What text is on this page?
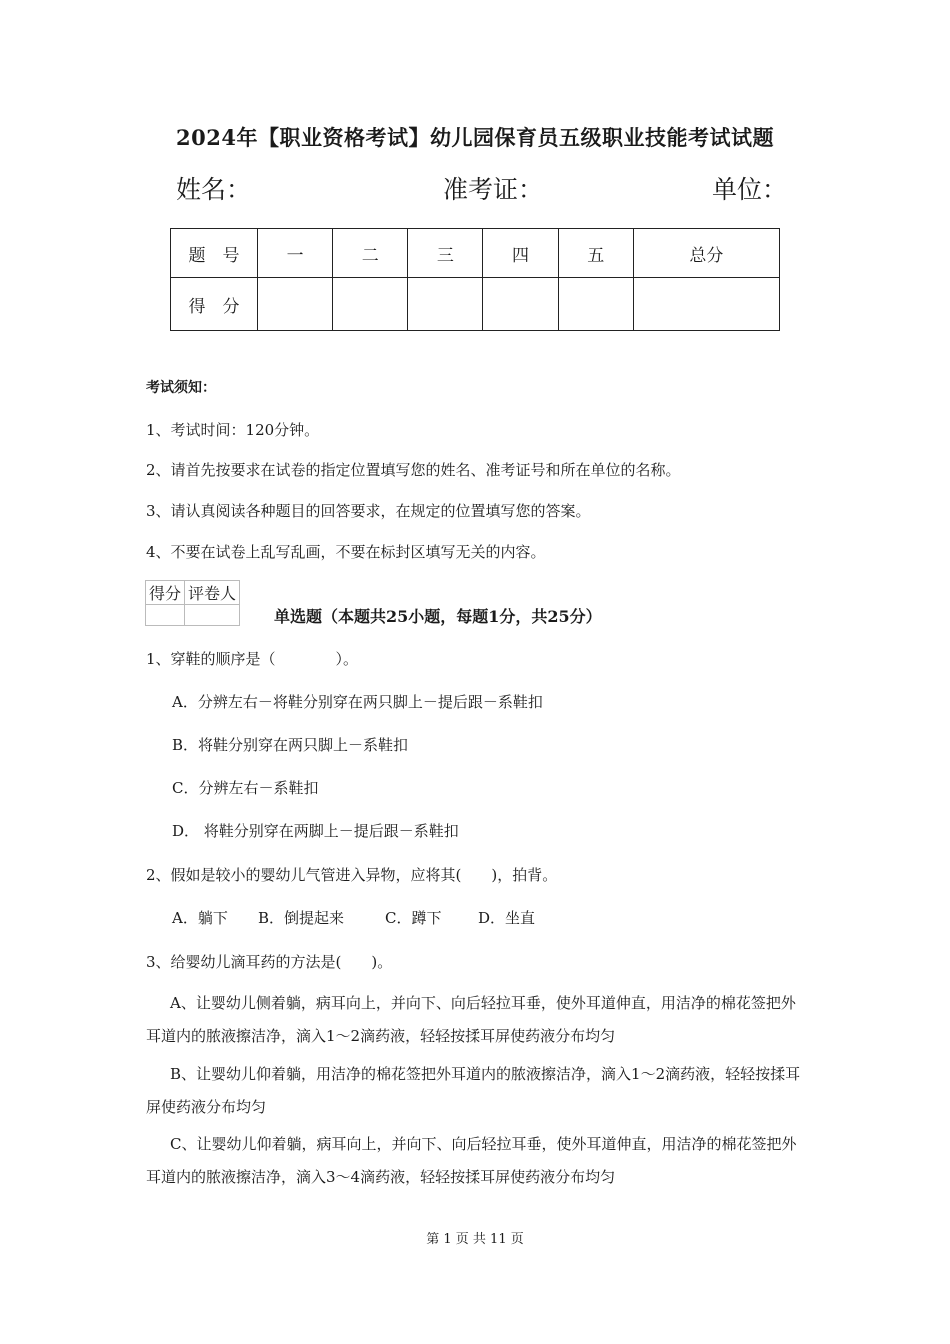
2024年【职业资格考试】幼儿园保育员五级职业技能考试试题
姓名：	准考证：	单位：
题　号	一	二	三	四	五	总分
得　分						
考试须知：
1、考试时间：120分钟。
2、请首先按要求在试卷的指定位置填写您的姓名、准考证号和所在单位的名称。
3、请认真阅读各种题目的回答要求，在规定的位置填写您的答案。
4、不要在试卷上乱写乱画，不要在标封区填写无关的内容。
得分	评卷人

单选题（本题共25小题，每题1分，共25分）
1、穿鞋的顺序是（　　　　）。
A．分辨左右－将鞋分别穿在两只脚上－提后跟－系鞋扣
B．将鞋分别穿在两只脚上－系鞋扣
C．分辨左右－系鞋扣
D． 将鞋分别穿在两脚上－提后跟－系鞋扣
2、假如是较小的婴幼儿气管进入异物，应将其(　　)，拍背。
A．躺下 B．倒提起来	C．蹲下 D．坐直
3、给婴幼儿滴耳药的方法是(　　)。
A、让婴幼儿侧着躺，病耳向上，并向下、向后轻拉耳垂，使外耳道伸直，用洁净的棉花签把外耳道内的脓液擦洁净，滴入1～2滴药液，轻轻按揉耳屏使药液分布均匀
B、让婴幼儿仰着躺，用洁净的棉花签把外耳道内的脓液擦洁净，滴入1～2滴药液，轻轻按揉耳屏使药液分布均匀
C、让婴幼儿仰着躺，病耳向上，并向下、向后轻拉耳垂，使外耳道伸直，用洁净的棉花签把外耳道内的脓液擦洁净，滴入3～4滴药液，轻轻按揉耳屏使药液分布均匀
第 1 页 共 11 页
